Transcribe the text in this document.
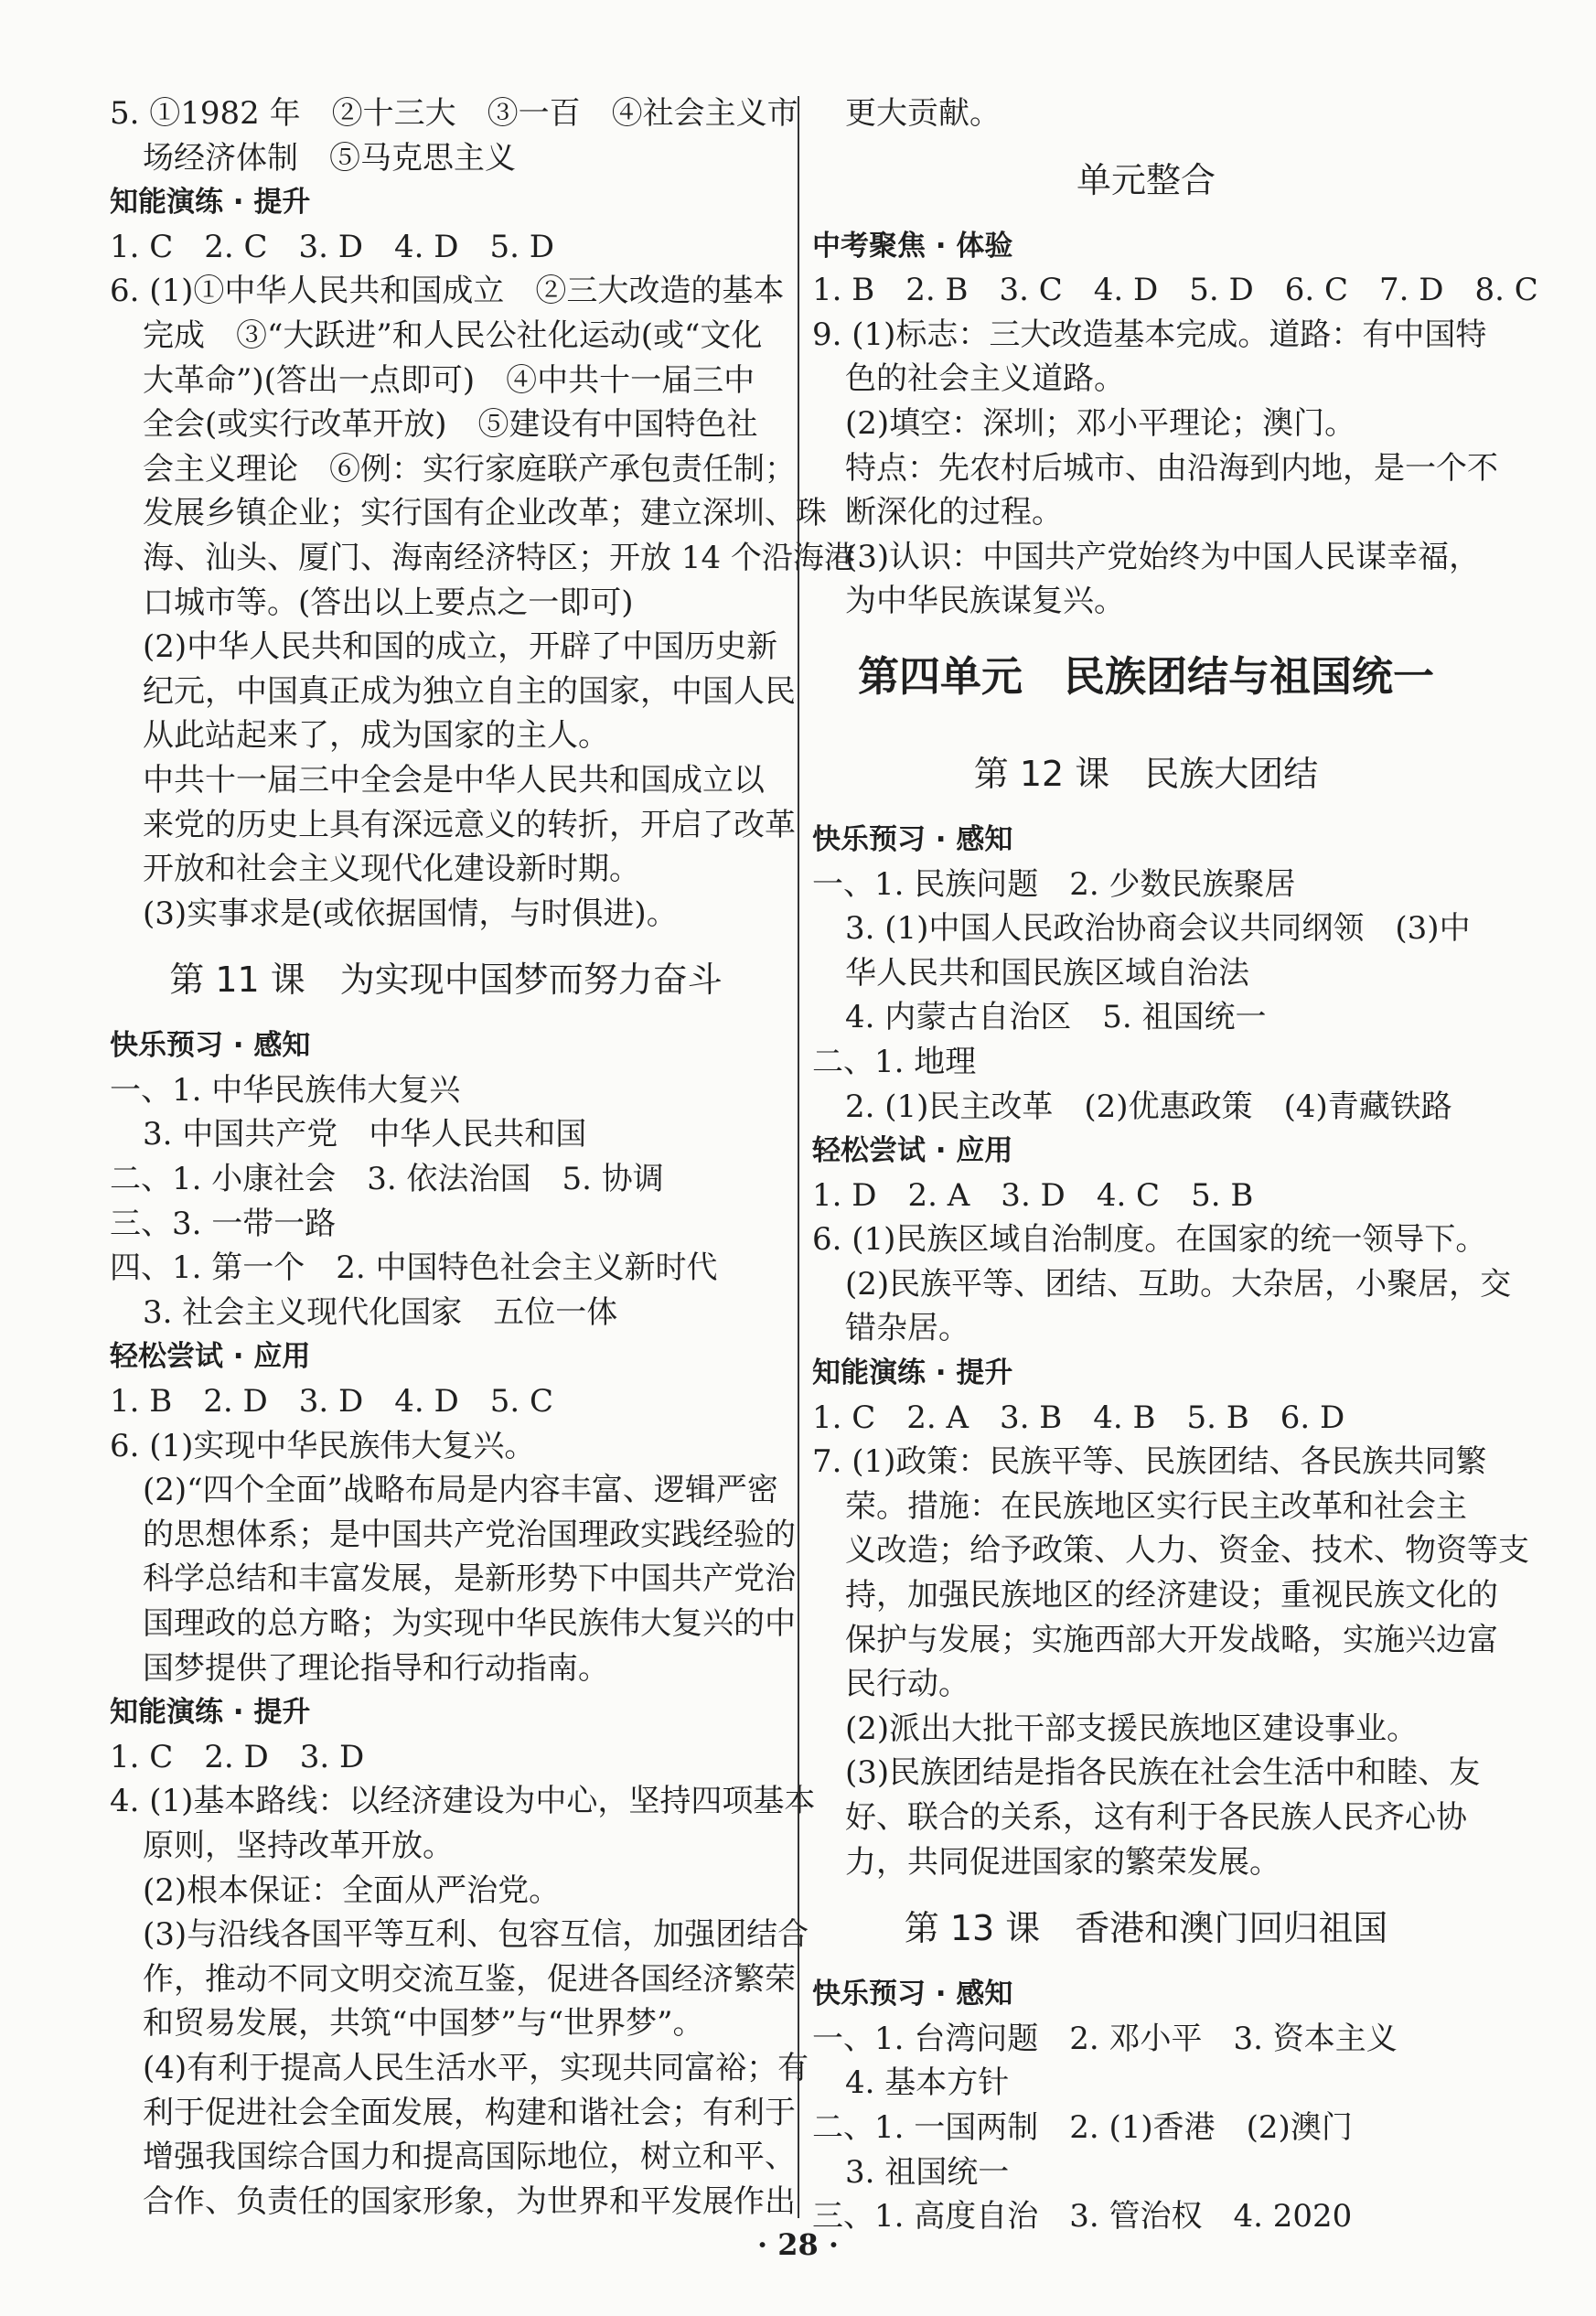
5. ①1982 年　②十三大　③一百　④社会主义市
场经济体制　⑤马克思主义
知能演练 · 提升
1. C　2. C　3. D　4. D　5. D
6. (1)①中华人民共和国成立　②三大改造的基本
完成　③“大跃进”和人民公社化运动(或“文化
大革命”)(答出一点即可)　④中共十一届三中
全会(或实行改革开放)　⑤建设有中国特色社
会主义理论　⑥例：实行家庭联产承包责任制；
发展乡镇企业；实行国有企业改革；建立深圳、珠
海、汕头、厦门、海南经济特区；开放 14 个沿海港
口城市等。(答出以上要点之一即可)
(2)中华人民共和国的成立，开辟了中国历史新
纪元，中国真正成为独立自主的国家，中国人民
从此站起来了，成为国家的主人。
中共十一届三中全会是中华人民共和国成立以
来党的历史上具有深远意义的转折，开启了改革
开放和社会主义现代化建设新时期。
(3)实事求是(或依据国情，与时俱进)。
第 11 课　为实现中国梦而努力奋斗
快乐预习 · 感知
一、1. 中华民族伟大复兴
3. 中国共产党　中华人民共和国
二、1. 小康社会　3. 依法治国　5. 协调
三、3. 一带一路
四、1. 第一个　2. 中国特色社会主义新时代
3. 社会主义现代化国家　五位一体
轻松尝试 · 应用
1. B　2. D　3. D　4. D　5. C
6. (1)实现中华民族伟大复兴。
(2)“四个全面”战略布局是内容丰富、逻辑严密
的思想体系；是中国共产党治国理政实践经验的
科学总结和丰富发展，是新形势下中国共产党治
国理政的总方略；为实现中华民族伟大复兴的中
国梦提供了理论指导和行动指南。
知能演练 · 提升
1. C　2. D　3. D
4. (1)基本路线：以经济建设为中心，坚持四项基本
原则，坚持改革开放。
(2)根本保证：全面从严治党。
(3)与沿线各国平等互利、包容互信，加强团结合
作，推动不同文明交流互鉴，促进各国经济繁荣
和贸易发展，共筑“中国梦”与“世界梦”。
(4)有利于提高人民生活水平，实现共同富裕；有
利于促进社会全面发展，构建和谐社会；有利于
增强我国综合国力和提高国际地位，树立和平、
合作、负责任的国家形象，为世界和平发展作出
更大贡献。
单元整合
中考聚焦 · 体验
1. B　2. B　3. C　4. D　5. D　6. C　7. D　8. C
9. (1)标志：三大改造基本完成。道路：有中国特
色的社会主义道路。
(2)填空：深圳；邓小平理论；澳门。
特点：先农村后城市、由沿海到内地，是一个不
断深化的过程。
(3)认识：中国共产党始终为中国人民谋幸福，
为中华民族谋复兴。
第四单元　民族团结与祖国统一
第 12 课　民族大团结
快乐预习 · 感知
一、1. 民族问题　2. 少数民族聚居
3. (1)中国人民政治协商会议共同纲领　(3)中
华人民共和国民族区域自治法
4. 内蒙古自治区　5. 祖国统一
二、1. 地理
2. (1)民主改革　(2)优惠政策　(4)青藏铁路
轻松尝试 · 应用
1. D　2. A　3. D　4. C　5. B
6. (1)民族区域自治制度。在国家的统一领导下。
(2)民族平等、团结、互助。大杂居，小聚居，交
错杂居。
知能演练 · 提升
1. C　2. A　3. B　4. B　5. B　6. D
7. (1)政策：民族平等、民族团结、各民族共同繁
荣。措施：在民族地区实行民主改革和社会主
义改造；给予政策、人力、资金、技术、物资等支
持，加强民族地区的经济建设；重视民族文化的
保护与发展；实施西部大开发战略，实施兴边富
民行动。
(2)派出大批干部支援民族地区建设事业。
(3)民族团结是指各民族在社会生活中和睦、友
好、联合的关系，这有利于各民族人民齐心协
力，共同促进国家的繁荣发展。
第 13 课　香港和澳门回归祖国
快乐预习 · 感知
一、1. 台湾问题　2. 邓小平　3. 资本主义
4. 基本方针
二、1. 一国两制　2. (1)香港　(2)澳门
3. 祖国统一
三、1. 高度自治　3. 管治权　4. 2020
· 28 ·
